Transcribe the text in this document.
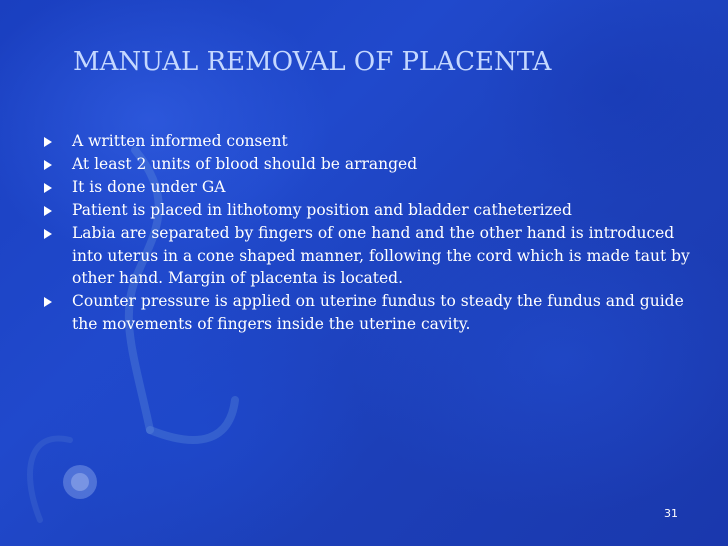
MANUAL REMOVAL OF PLACENTA
A written informed consent
At least 2 units of blood should be arranged
It is done under GA
Patient is placed in lithotomy position and bladder catheterized
Labia are separated by fingers of one hand and the other hand is introduced into uterus in a cone shaped manner, following the cord which is made taut by other hand. Margin of placenta is located.
Counter pressure is applied on uterine fundus to steady the fundus and guide the movements of fingers inside the uterine cavity.
31
